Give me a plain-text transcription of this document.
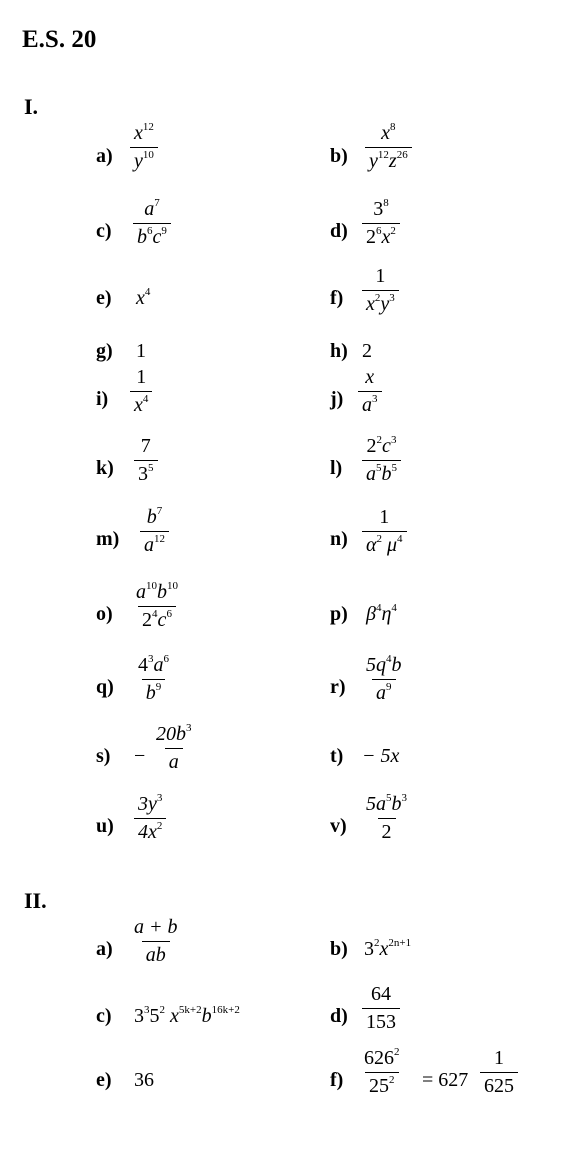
E.S. 20
I.
$a) \frac{x^{12}}{y^{10}}$	$b) \frac{x^8}{y^{12}z^{26}}$
$c) \frac{a^7}{b^6c^9}$	$d) \frac{3^8}{2^6x^2}$
e) $x^4$	$f) \frac{1}{x^2y^3}$
g) 1	h) 2
$i) \frac{1}{x^4}$	$j) \frac{x}{a^3}$
$k) \frac{7}{3^5}$	$l) \frac{2^2c^3}{a^5b^5}$
$m) \frac{b^7}{a^{12}}$	$n) \frac{1}{\alpha^2 \mu^4}$
$o) \frac{a^{10}b^{10}}{2^4c^6}$	p) $\beta^4\eta^4$
$q) \frac{4^3a^6}{b^9}$	$r) \frac{5q^4b}{a^9}$
$s) - \frac{20b^3}{a}$	t) − 5x
$u) \frac{3y^3}{4x^2}$	$v) \frac{5a^5b^3}{2}$
II.
$a) \frac{a + b}{ab}$	b) $3^2x^{2n+1}$
c) $3^35^2$ $x^{5k+2}b^{16k+2}$	$d) \frac{64}{153}$
e) 36	$f) \frac{626^2}{25^2} = 627 \frac{1}{625}$
